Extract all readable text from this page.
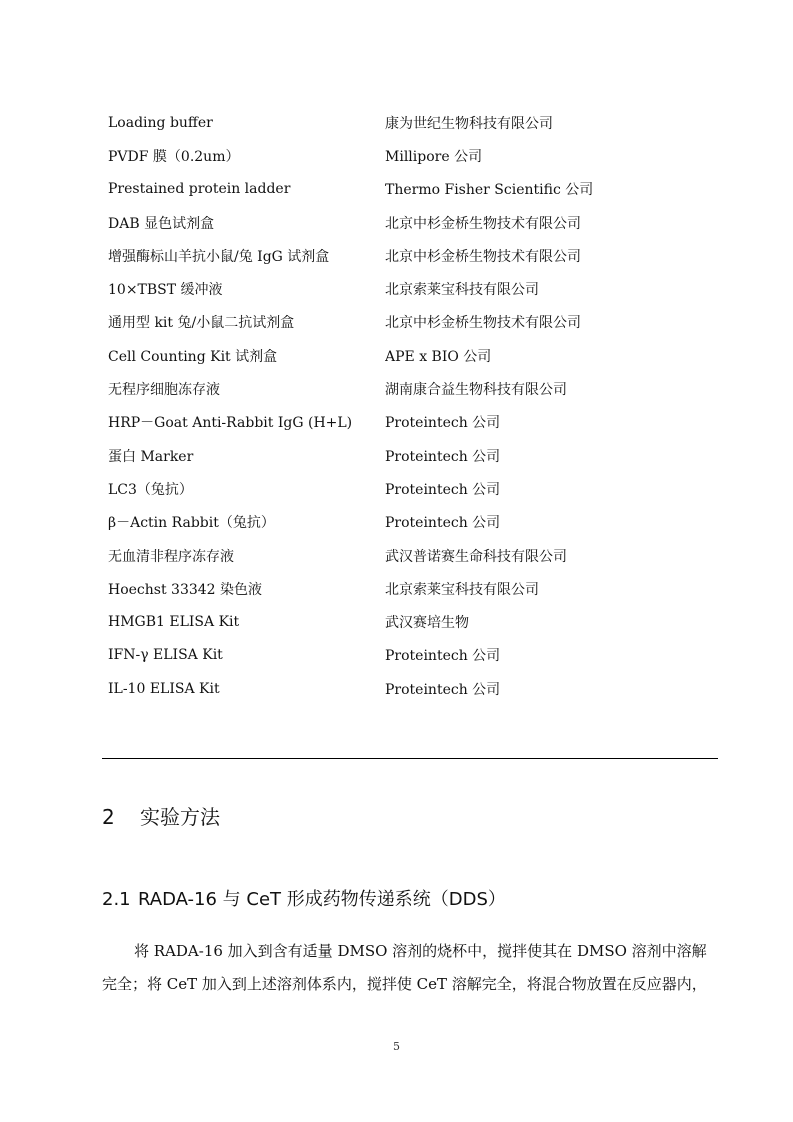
Loading buffer	康为世纪生物科技有限公司
PVDF 膜（0.2um）	Millipore 公司
Prestained protein ladder	Thermo Fisher Scientific 公司
DAB 显色试剂盒	北京中杉金桥生物技术有限公司
增强酶标山羊抗小鼠/兔 IgG 试剂盒	北京中杉金桥生物技术有限公司
10×TBST 缓冲液	北京索莱宝科技有限公司
通用型 kit 兔/小鼠二抗试剂盒	北京中杉金桥生物技术有限公司
Cell Counting Kit 试剂盒	APE x BIO 公司
无程序细胞冻存液	湖南康合益生物科技有限公司
HRP－Goat Anti-Rabbit IgG (H+L)	Proteintech 公司
蛋白 Marker	Proteintech 公司
LC3（兔抗）	Proteintech 公司
β－Actin Rabbit（兔抗）	Proteintech 公司
无血清非程序冻存液	武汉普诺赛生命科技有限公司
Hoechst 33342 染色液	北京索莱宝科技有限公司
HMGB1 ELISA Kit	武汉赛培生物
IFN-γ ELISA Kit	Proteintech 公司
IL-10 ELISA Kit	Proteintech 公司
2 实验方法
2.1 RADA-16 与 CeT 形成药物传递系统（DDS）

将 RADA-16 加入到含有适量 DMSO 溶剂的烧杯中，搅拌使其在 DMSO 溶剂中溶解完全；将 CeT 加入到上述溶剂体系内，搅拌使 CeT 溶解完全，将混合物放置在反应器内，

5
